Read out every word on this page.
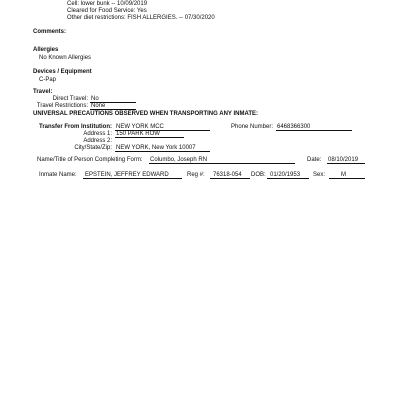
Cell: lower bunk -- 10/09/2019
Cleared for Food Service: Yes
Other diet restrictions: FISH ALLERGIES. -- 07/30/2020
Comments:
Allergies
No Known Allergies
Devices / Equipment
C-Pap
Travel:
Direct Travel: No
Travel Restrictions: None
UNIVERSAL PRECAUTIONS OBSERVED WHEN TRANSPORTING ANY INMATE:
Transfer From Institution: NEW YORK MCC	Phone Number: 6468366300
Address 1: 150 PARK ROW
Address 2:
City/State/Zip: NEW YORK, New York 10007
Name/Title of Person Completing Form: Columbo, Joseph RN	Date: 08/10/2019
Inmate Name:	EPSTEIN, JEFFREY EDWARD	Reg #:	76318-054	DOB: 01/20/1953	Sex:	M
